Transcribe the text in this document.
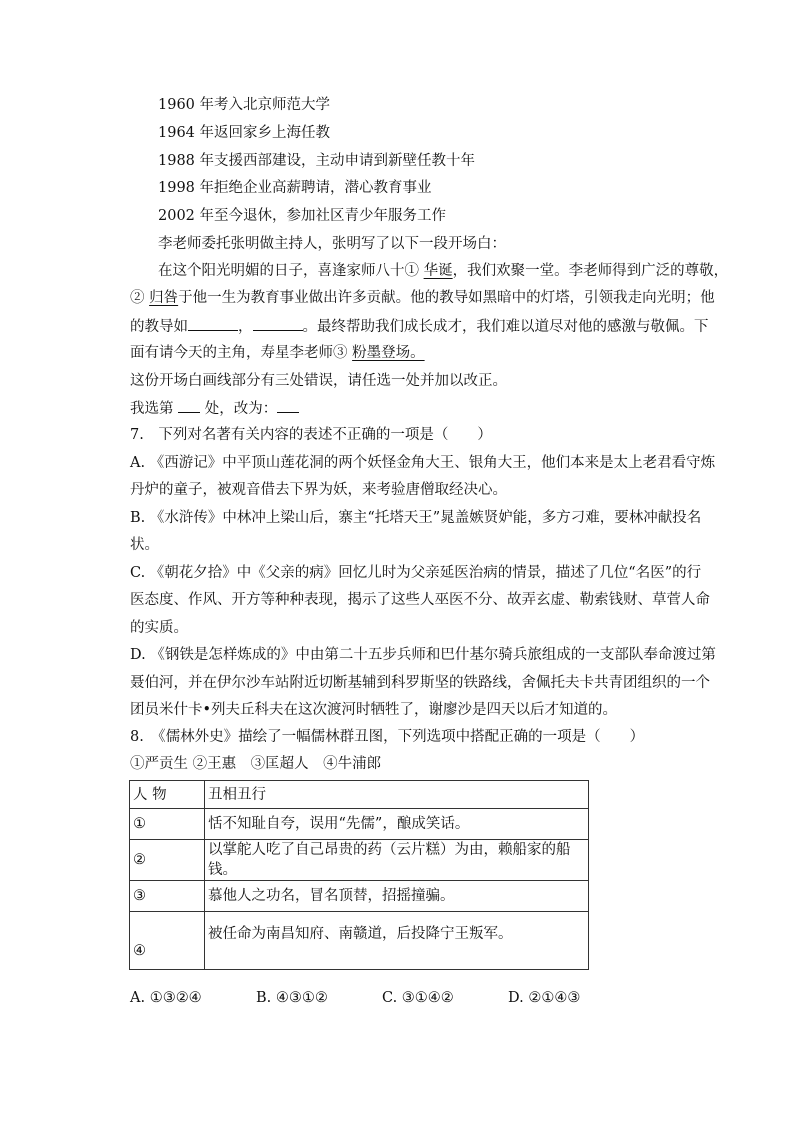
1960 年考入北京师范大学
1964 年返回家乡上海任教
1988 年支援西部建设，主动申请到新壁任教十年
1998 年拒绝企业高薪聘请，潜心教育事业
2002 年至今退休，参加社区青少年服务工作
李老师委托张明做主持人，张明写了以下一段开场白：
在这个阳光明媚的日子，喜逢家师八十① 华诞，我们欢聚一堂。李老师得到广泛的尊敬，
② 归咎于他一生为教育事业做出许多贡献。他的教导如黑暗中的灯塔，引领我走向光明；他
的教导如	，	。最终帮助我们成长成才，我们难以道尽对他的感激与敬佩。下
面有请今天的主角，寿星李老师③ 粉墨登场。
这份开场白画线部分有三处错误，请任选一处并加以改正。
我选第  处，改为：
7.　下列对名著有关内容的表述不正确的一项是（　　）
A. 《西游记》中平顶山莲花洞的两个妖怪金角大王、银角大王，他们本来是太上老君看守炼
丹炉的童子，被观音借去下界为妖，来考验唐僧取经决心。
B. 《水浒传》中林冲上梁山后，寨主“托塔天王”晁盖嫉贤妒能，多方刁难，要林冲献投名
状。
C. 《朝花夕拾》中《父亲的病》回忆儿时为父亲延医治病的情景，描述了几位“名医”的行
医态度、作风、开方等种种表现，揭示了这些人巫医不分、故弄玄虚、勒索钱财、草菅人命
的实质。
D. 《钢铁是怎样炼成的》中由第二十五步兵师和巴什基尔骑兵旅组成的一支部队奉命渡过第
聂伯河，并在伊尔沙车站附近切断基辅到科罗斯坚的铁路线，舍佩托夫卡共青团组织的一个
团员米什卡•列夫丘科夫在这次渡河时牺牲了，谢廖沙是四天以后才知道的。
8.　《儒林外史》描绘了一幅儒林群丑图，下列选项中搭配正确的一项是（　　）
①严贡生 ②王惠　③匡超人　④牛浦郎
人 物	丑相丑行
①	恬不知耻自夸，误用“先儒”，酿成笑话。
②	以掌舵人吃了自己昂贵的药（云片糕）为由，赖船家的船钱。
③	慕他人之功名，冒名顶替，招摇撞骗。
④	被任命为南昌知府、南赣道，后投降宁王叛军。
A. ①③②④	B. ④③①②	C. ③①④②	D. ②①④③
